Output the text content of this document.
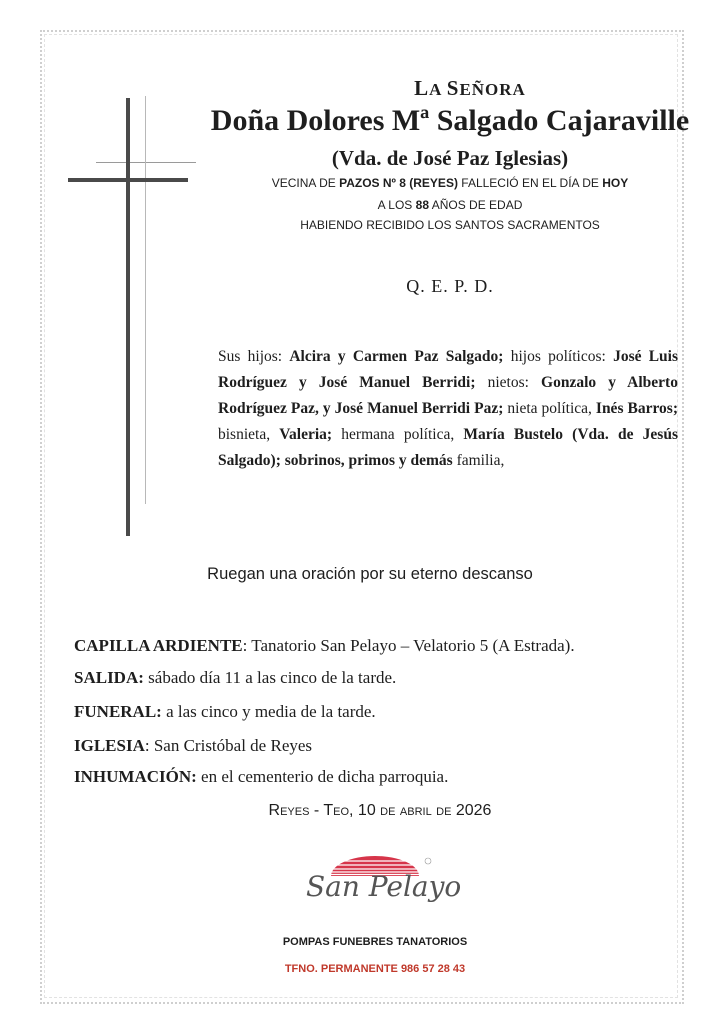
LA SEÑORA
Doña Dolores Mª Salgado Cajaraville
(Vda. de José Paz Iglesias)
VECINA DE PAZOS Nº 8 (REYES) FALLECIÓ EN EL DÍA DE HOY
A LOS 88 AÑOS DE EDAD
HABIENDO RECIBIDO LOS SANTOS SACRAMENTOS
Q. E. P. D.
Sus hijos: Alcira y Carmen Paz Salgado; hijos políticos: José Luis Rodríguez y José Manuel Berridi; nietos: Gonzalo y Alberto Rodríguez Paz, y José Manuel Berridi Paz; nieta política, Inés Barros; bisnieta, Valeria; hermana política, María Bustelo (Vda. de Jesús Salgado); sobrinos, primos y demás familia,
Ruegan una oración por su eterno descanso
CAPILLA ARDIENTE: Tanatorio San Pelayo – Velatorio 5 (A Estrada).
SALIDA: sábado día 11 a las cinco de la tarde.
FUNERAL: a las cinco y media de la tarde.
IGLESIA: San Cristóbal de Reyes
INHUMACIÓN: en el cementerio de dicha parroquia.
Reyes - Teo, 10 de abril de 2026
San Pelayo
POMPAS FUNEBRES TANATORIOS
TFNO. PERMANENTE 986 57 28 43
